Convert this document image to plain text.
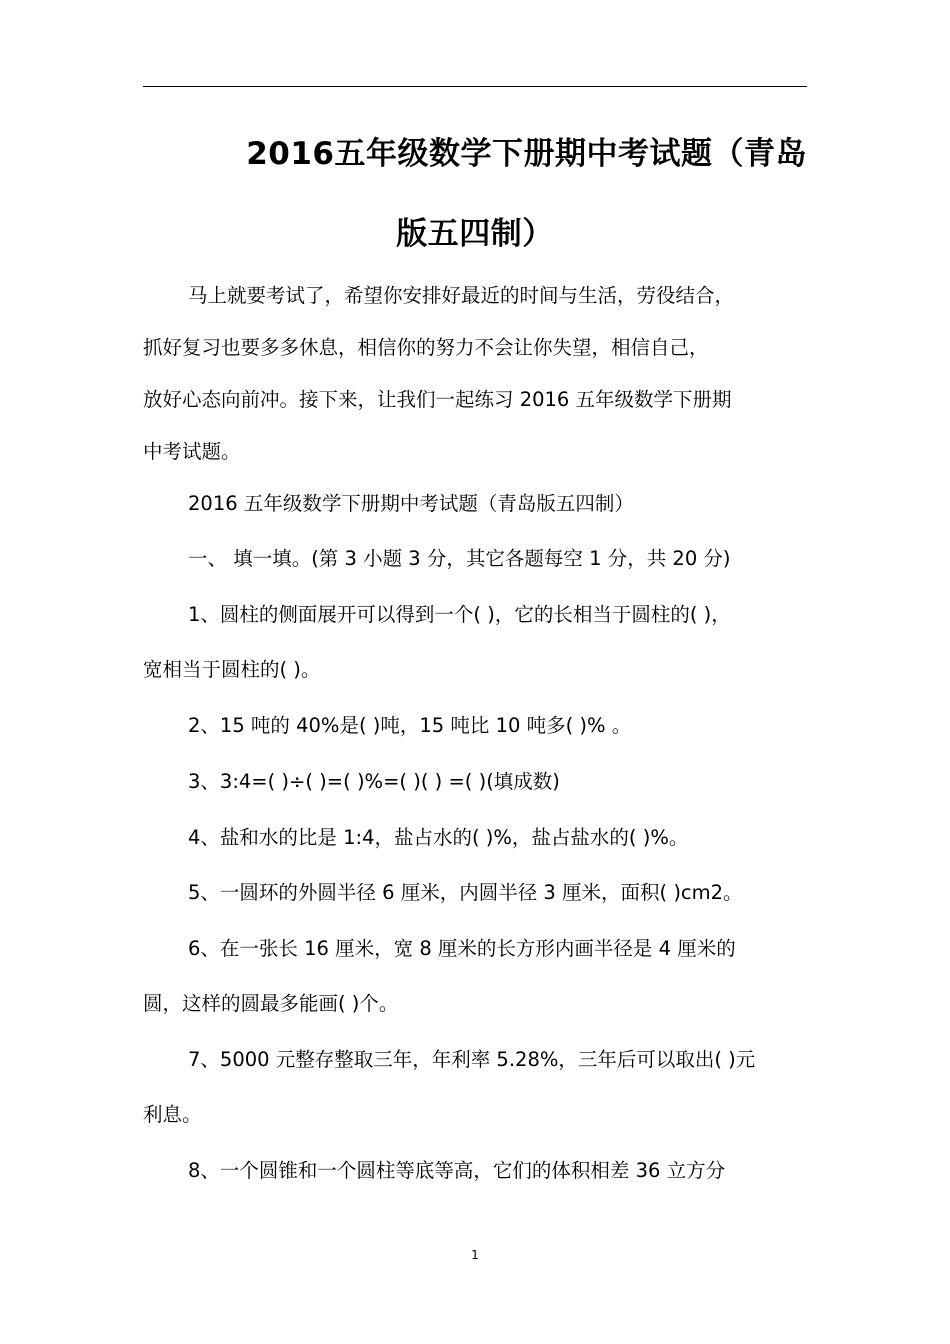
2016五年级数学下册期中考试题（青岛
版五四制）
马上就要考试了，希望你安排好最近的时间与生活，劳役结合，
抓好复习也要多多休息，相信你的努力不会让你失望，相信自己，
放好心态向前冲。接下来，让我们一起练习 2016 五年级数学下册期
中考试题。
2016 五年级数学下册期中考试题（青岛版五四制）
一、 填一填。(第 3 小题 3 分，其它各题每空 1 分，共 20 分)
1、圆柱的侧面展开可以得到一个( )，它的长相当于圆柱的( )，
宽相当于圆柱的( )。
2、15 吨的 40%是( )吨，15 吨比 10 吨多( )% 。
3、3:4=( )÷( )=( )%=( )( ) =( )(填成数)
4、盐和水的比是 1:4，盐占水的( )%，盐占盐水的( )%。
5、一圆环的外圆半径 6 厘米，内圆半径 3 厘米，面积( )cm2。
6、在一张长 16 厘米，宽 8 厘米的长方形内画半径是 4 厘米的
圆，这样的圆最多能画( )个。
7、5000 元整存整取三年，年利率 5.28%，三年后可以取出( )元
利息。
8、一个圆锥和一个圆柱等底等高，它们的体积相差 36 立方分
1
